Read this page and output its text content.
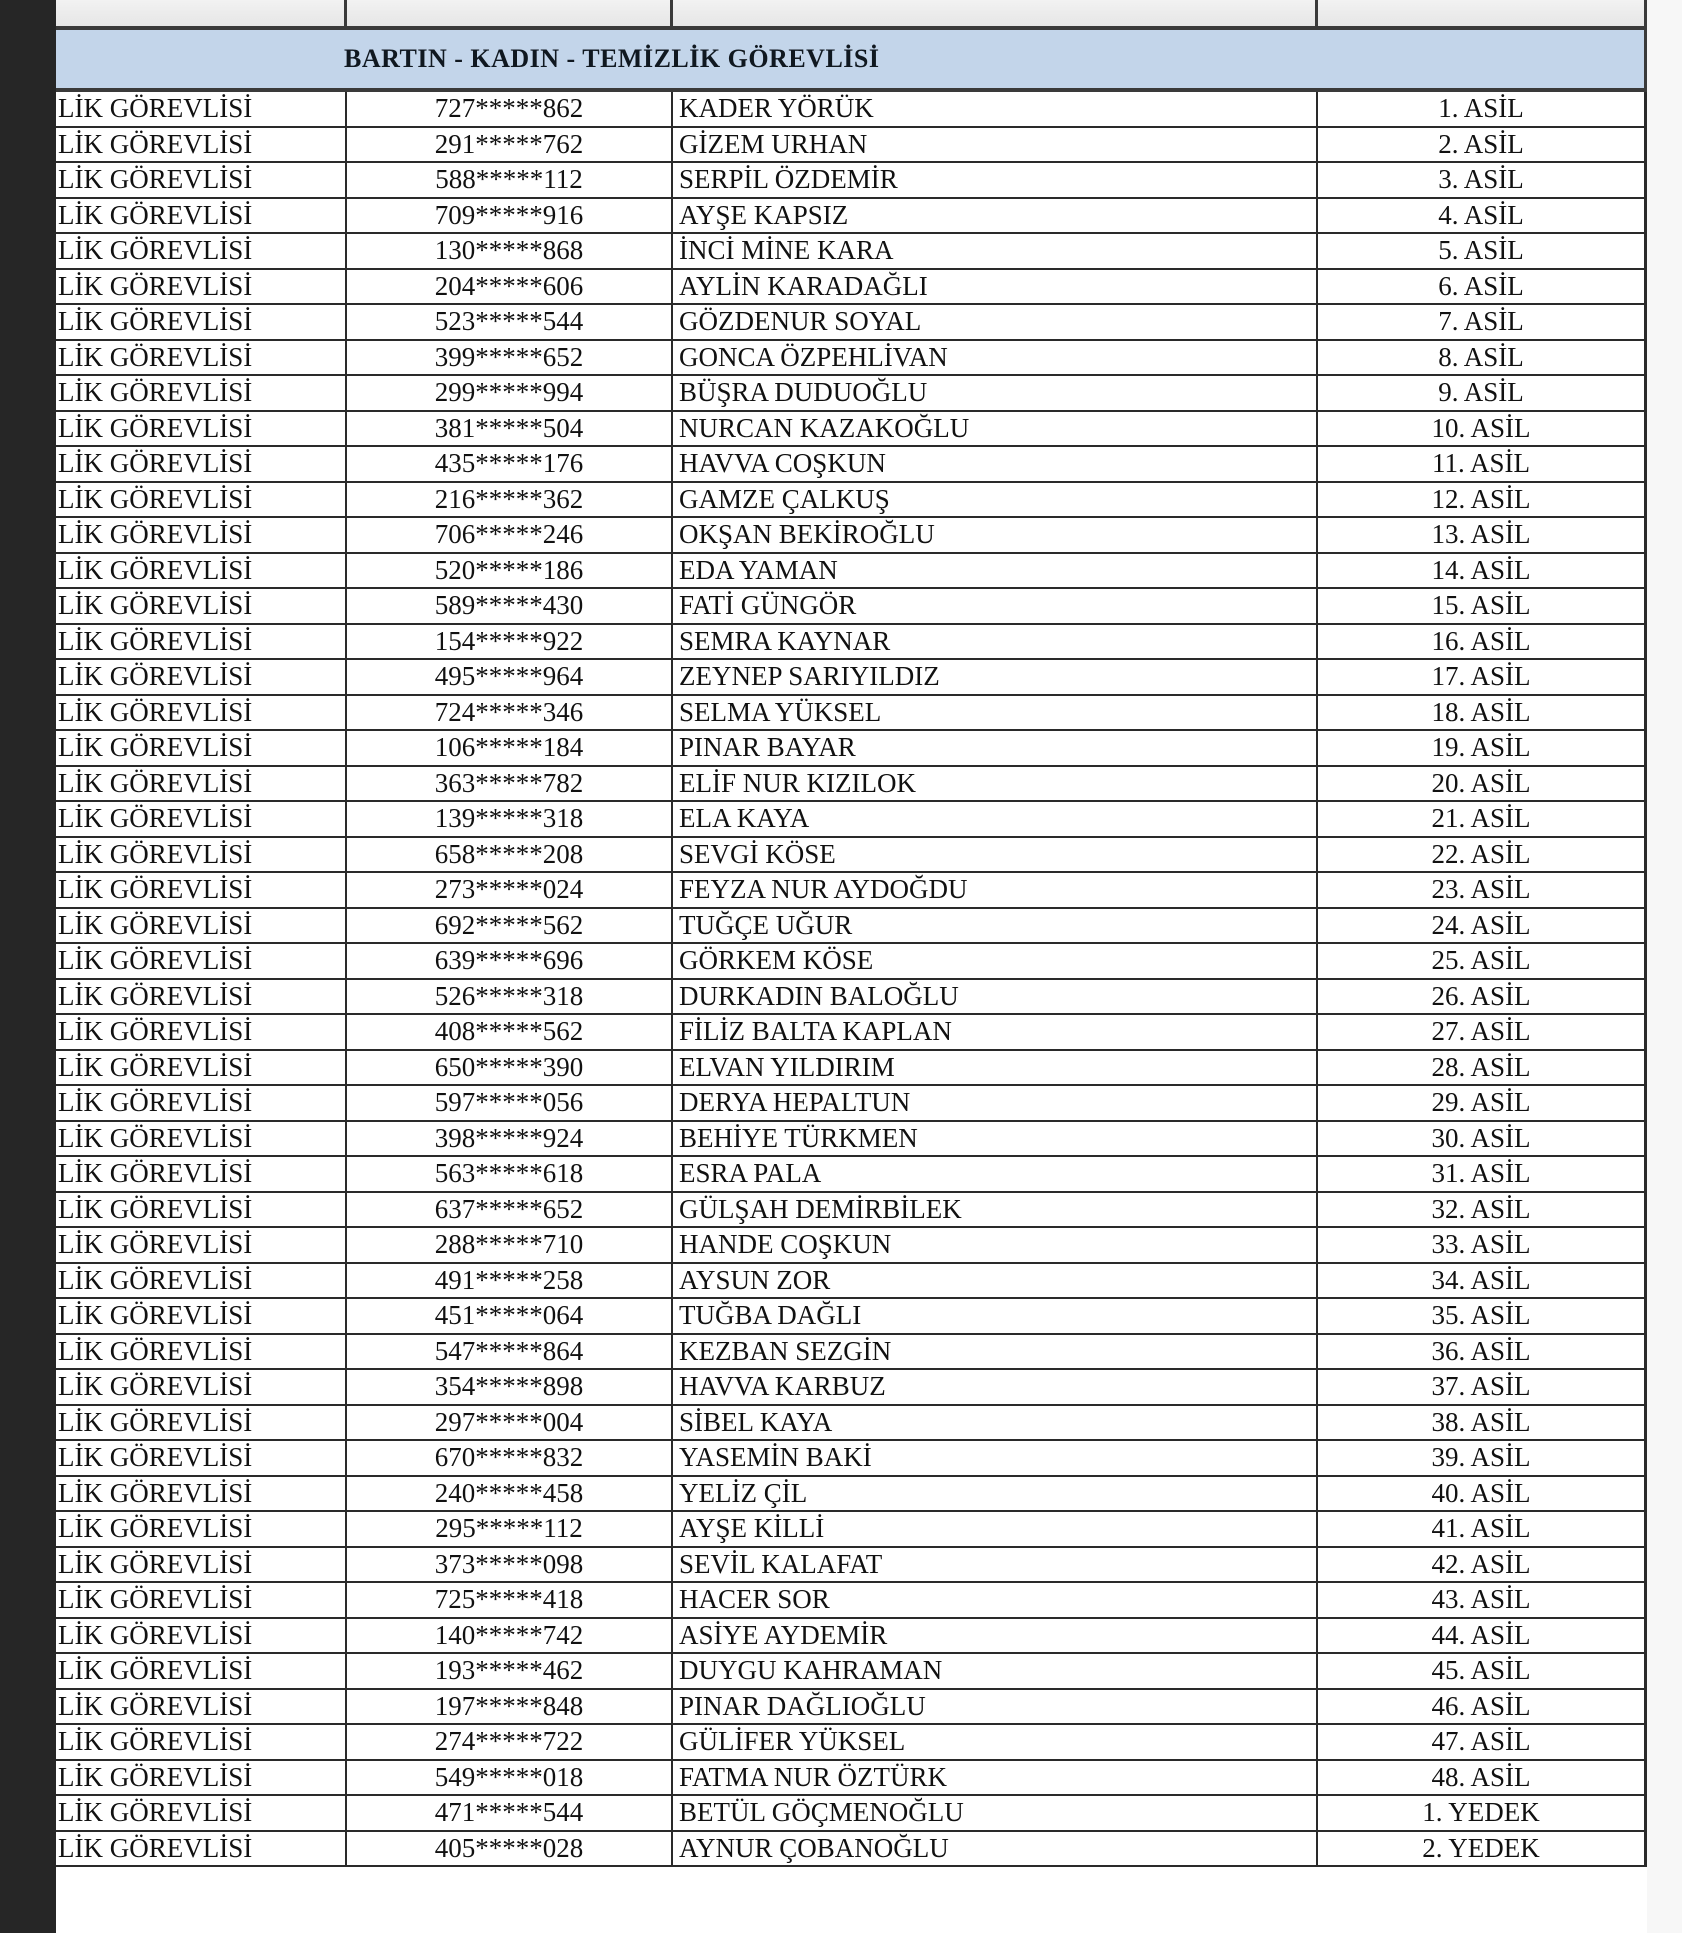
BARTIN - KADIN - TEMİZLİK GÖREVLİSİ
LİK GÖREVLİSİ	727*****862	KADER YÖRÜK	1. ASİL
LİK GÖREVLİSİ	291*****762	GİZEM URHAN	2. ASİL
LİK GÖREVLİSİ	588*****112	SERPİL ÖZDEMİR	3. ASİL
LİK GÖREVLİSİ	709*****916	AYŞE KAPSIZ	4. ASİL
LİK GÖREVLİSİ	130*****868	İNCİ MİNE KARA	5. ASİL
LİK GÖREVLİSİ	204*****606	AYLİN KARADAĞLI	6. ASİL
LİK GÖREVLİSİ	523*****544	GÖZDENUR SOYAL	7. ASİL
LİK GÖREVLİSİ	399*****652	GONCA ÖZPEHLİVAN	8. ASİL
LİK GÖREVLİSİ	299*****994	BÜŞRA DUDUOĞLU	9. ASİL
LİK GÖREVLİSİ	381*****504	NURCAN KAZAKOĞLU	10. ASİL
LİK GÖREVLİSİ	435*****176	HAVVA COŞKUN	11. ASİL
LİK GÖREVLİSİ	216*****362	GAMZE ÇALKUŞ	12. ASİL
LİK GÖREVLİSİ	706*****246	OKŞAN BEKİROĞLU	13. ASİL
LİK GÖREVLİSİ	520*****186	EDA YAMAN	14. ASİL
LİK GÖREVLİSİ	589*****430	FATİ GÜNGÖR	15. ASİL
LİK GÖREVLİSİ	154*****922	SEMRA KAYNAR	16. ASİL
LİK GÖREVLİSİ	495*****964	ZEYNEP SARIYILDIZ	17. ASİL
LİK GÖREVLİSİ	724*****346	SELMA YÜKSEL	18. ASİL
LİK GÖREVLİSİ	106*****184	PINAR BAYAR	19. ASİL
LİK GÖREVLİSİ	363*****782	ELİF NUR KIZILOK	20. ASİL
LİK GÖREVLİSİ	139*****318	ELA KAYA	21. ASİL
LİK GÖREVLİSİ	658*****208	SEVGİ KÖSE	22. ASİL
LİK GÖREVLİSİ	273*****024	FEYZA NUR AYDOĞDU	23. ASİL
LİK GÖREVLİSİ	692*****562	TUĞÇE UĞUR	24. ASİL
LİK GÖREVLİSİ	639*****696	GÖRKEM KÖSE	25. ASİL
LİK GÖREVLİSİ	526*****318	DURKADIN BALOĞLU	26. ASİL
LİK GÖREVLİSİ	408*****562	FİLİZ BALTA KAPLAN	27. ASİL
LİK GÖREVLİSİ	650*****390	ELVAN YILDIRIM	28. ASİL
LİK GÖREVLİSİ	597*****056	DERYA HEPALTUN	29. ASİL
LİK GÖREVLİSİ	398*****924	BEHİYE TÜRKMEN	30. ASİL
LİK GÖREVLİSİ	563*****618	ESRA PALA	31. ASİL
LİK GÖREVLİSİ	637*****652	GÜLŞAH DEMİRBİLEK	32. ASİL
LİK GÖREVLİSİ	288*****710	HANDE COŞKUN	33. ASİL
LİK GÖREVLİSİ	491*****258	AYSUN ZOR	34. ASİL
LİK GÖREVLİSİ	451*****064	TUĞBA DAĞLI	35. ASİL
LİK GÖREVLİSİ	547*****864	KEZBAN SEZGİN	36. ASİL
LİK GÖREVLİSİ	354*****898	HAVVA KARBUZ	37. ASİL
LİK GÖREVLİSİ	297*****004	SİBEL KAYA	38. ASİL
LİK GÖREVLİSİ	670*****832	YASEMİN BAKİ	39. ASİL
LİK GÖREVLİSİ	240*****458	YELİZ ÇİL	40. ASİL
LİK GÖREVLİSİ	295*****112	AYŞE KİLLİ	41. ASİL
LİK GÖREVLİSİ	373*****098	SEVİL KALAFAT	42. ASİL
LİK GÖREVLİSİ	725*****418	HACER SOR	43. ASİL
LİK GÖREVLİSİ	140*****742	ASİYE AYDEMİR	44. ASİL
LİK GÖREVLİSİ	193*****462	DUYGU KAHRAMAN	45. ASİL
LİK GÖREVLİSİ	197*****848	PINAR DAĞLIOĞLU	46. ASİL
LİK GÖREVLİSİ	274*****722	GÜLİFER YÜKSEL	47. ASİL
LİK GÖREVLİSİ	549*****018	FATMA NUR ÖZTÜRK	48. ASİL
LİK GÖREVLİSİ	471*****544	BETÜL GÖÇMENOĞLU	1. YEDEK
LİK GÖREVLİSİ	405*****028	AYNUR ÇOBANOĞLU	2. YEDEK
